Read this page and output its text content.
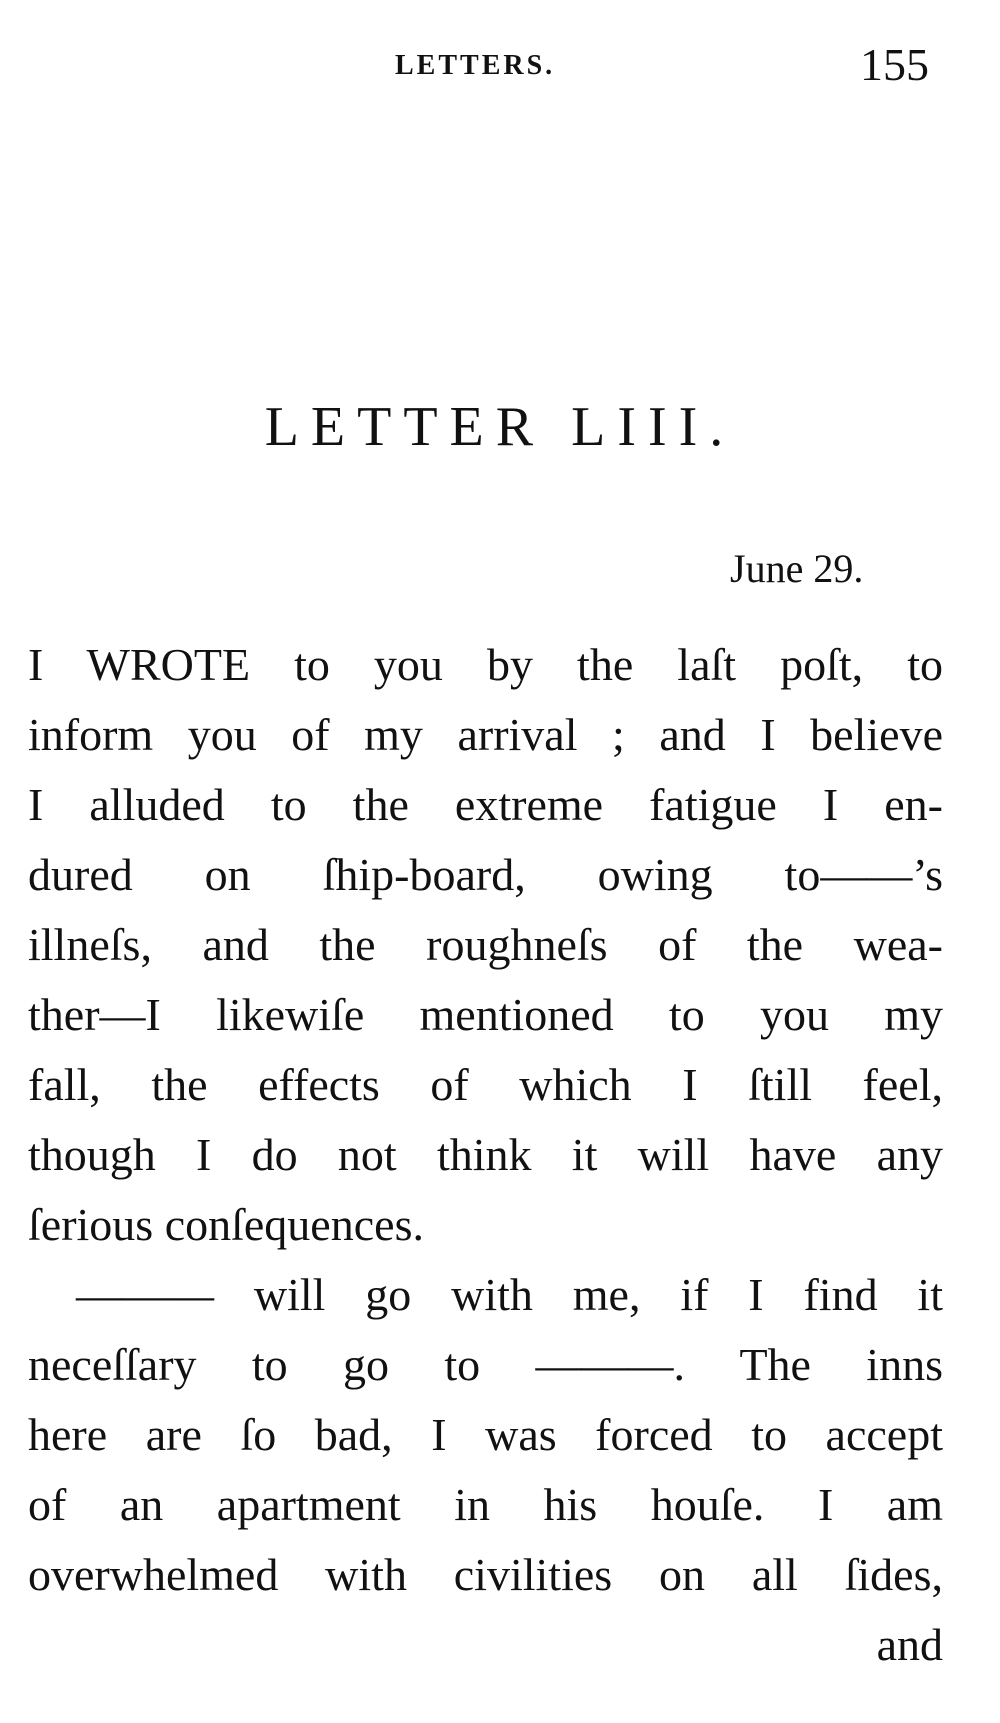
LETTERS.	155
LETTER LIII.
June 29.
I WROTE to you by the laſt poſt, to
inform you of my arrival ; and I believe
I alluded to the extreme fatigue I en-
dured on ſhip-board, owing to——’s
illneſs, and the roughneſs of the wea-
ther—I likewiſe mentioned to you my
fall, the effects of which I ſtill feel,
though I do not think it will have any
ſerious conſequences.
——— will go with me, if I find it
neceſſary to go to ———. The inns
here are ſo bad, I was forced to accept
of an apartment in his houſe. I am
overwhelmed with civilities on all ſides,
and
